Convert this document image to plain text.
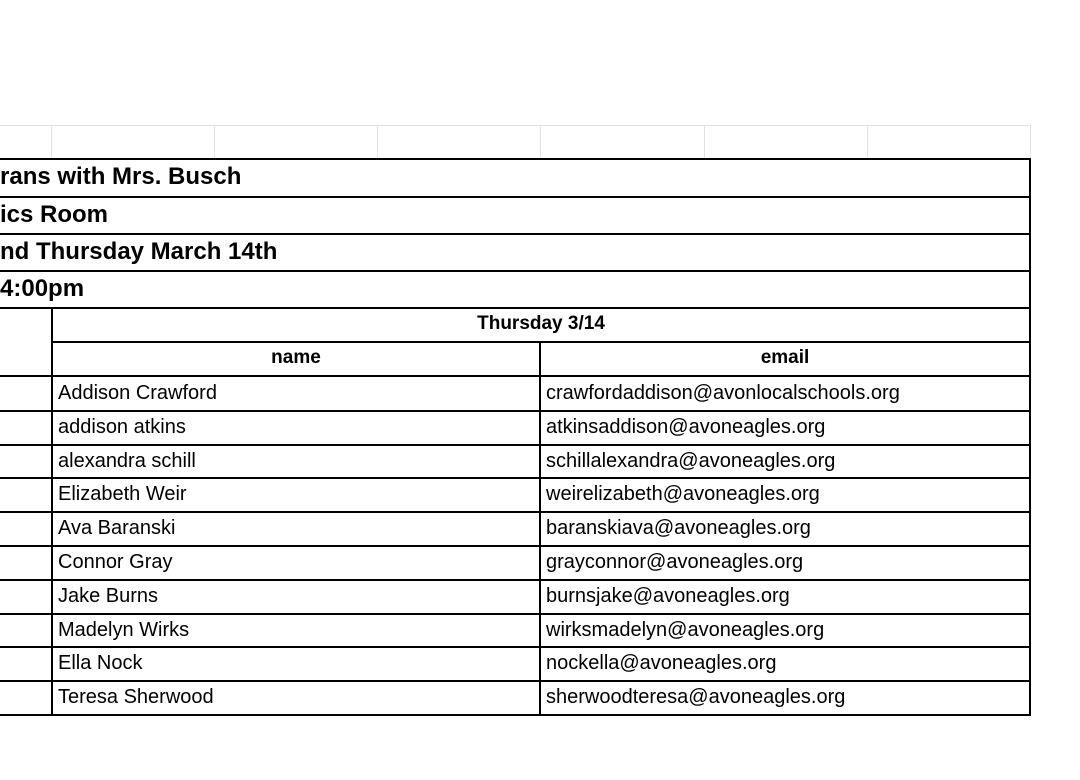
rans with Mrs. Busch
ics Room
nd Thursday March 14th
4:00pm
Thursday 3/14
name	email
Addison Crawford	crawfordaddison@avonlocalschools.org
addison atkins	atkinsaddison@avoneagles.org
alexandra schill	schillalexandra@avoneagles.org
Elizabeth Weir	weirelizabeth@avoneagles.org
Ava Baranski	baranskiava@avoneagles.org
Connor Gray	grayconnor@avoneagles.org
Jake Burns	burnsjake@avoneagles.org
Madelyn Wirks	wirksmadelyn@avoneagles.org
Ella Nock	nockella@avoneagles.org
Teresa Sherwood	sherwoodteresa@avoneagles.org
